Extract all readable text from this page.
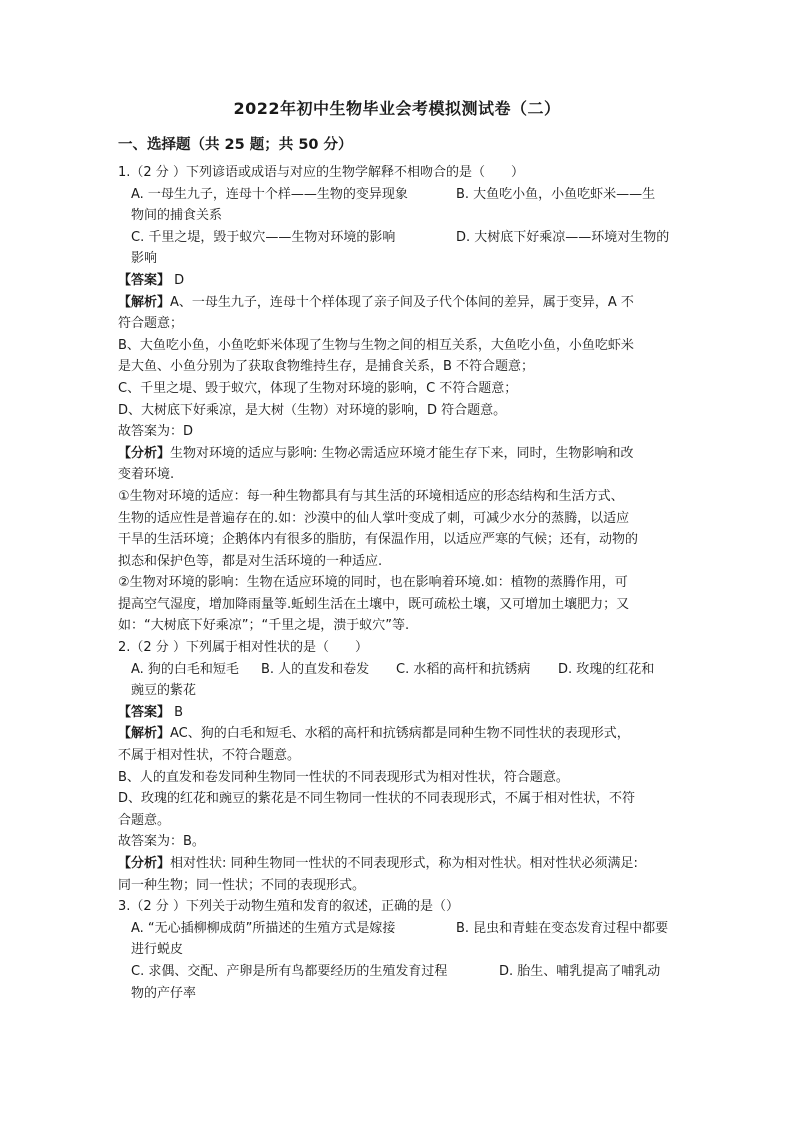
2022年初中生物毕业会考模拟测试卷（二）
一、选择题（共 25 题；共 50 分）
1.（2 分 ）下列谚语或成语与对应的生物学解释不相吻合的是（　　）
A. 一母生九子，连母十个样——生物的变异现象	B. 大鱼吃小鱼，小鱼吃虾米——生
物间的捕食关系
C. 千里之堤，毁于蚁穴——生物对环境的影响	D. 大树底下好乘凉——环境对生物的
影响
【答案】 D
【解析】A、一母生九子，连母十个样体现了亲子间及子代个体间的差异，属于变异，A 不
符合题意；
B、大鱼吃小鱼，小鱼吃虾米体现了生物与生物之间的相互关系，大鱼吃小鱼，小鱼吃虾米
是大鱼、小鱼分别为了获取食物维持生存，是捕食关系，B 不符合题意；
C、千里之堤、毁于蚁穴，体现了生物对环境的影响，C 不符合题意；
D、大树底下好乘凉，是大树（生物）对环境的影响，D 符合题意。
故答案为：D
【分析】生物对环境的适应与影响: 生物必需适应环境才能生存下来，同时，生物影响和改
变着环境.
①生物对环境的适应：每一种生物都具有与其生活的环境相适应的形态结构和生活方式、
生物的适应性是普遍存在的.如：沙漠中的仙人掌叶变成了刺，可减少水分的蒸腾，以适应
干旱的生活环境；企鹅体内有很多的脂肪，有保温作用，以适应严寒的气候；还有，动物的
拟态和保护色等，都是对生活环境的一种适应.
②生物对环境的影响：生物在适应环境的同时，也在影响着环境.如：植物的蒸腾作用，可
提高空气湿度，增加降雨量等.蚯蚓生活在土壤中，既可疏松土壤，又可增加土壤肥力；又
如：“大树底下好乘凉”；“千里之堤，溃于蚁穴”等.
2.（2 分 ）下列属于相对性状的是（　　）
A. 狗的白毛和短毛	B. 人的直发和卷发	C. 水稻的高杆和抗锈病	D. 玫瑰的红花和
豌豆的紫花
【答案】 B
【解析】AC、狗的白毛和短毛、水稻的高杆和抗锈病都是同种生物不同性状的表现形式，
不属于相对性状，不符合题意。
B、人的直发和卷发同种生物同一性状的不同表现形式为相对性状，符合题意。
D、玫瑰的红花和豌豆的紫花是不同生物同一性状的不同表现形式，不属于相对性状，不符
合题意。
故答案为：B。
【分析】相对性状: 同种生物同一性状的不同表现形式，称为相对性状。相对性状必须满足:
同一种生物；同一性状；不同的表现形式。
3.（2 分 ）下列关于动物生殖和发育的叙述，正确的是（）
A. “无心插柳柳成荫”所描述的生殖方式是嫁接	B. 昆虫和青蛙在变态发育过程中都要
进行蜕皮
C. 求偶、交配、产卵是所有鸟都要经历的生殖发育过程	D. 胎生、哺乳提高了哺乳动
物的产仔率
